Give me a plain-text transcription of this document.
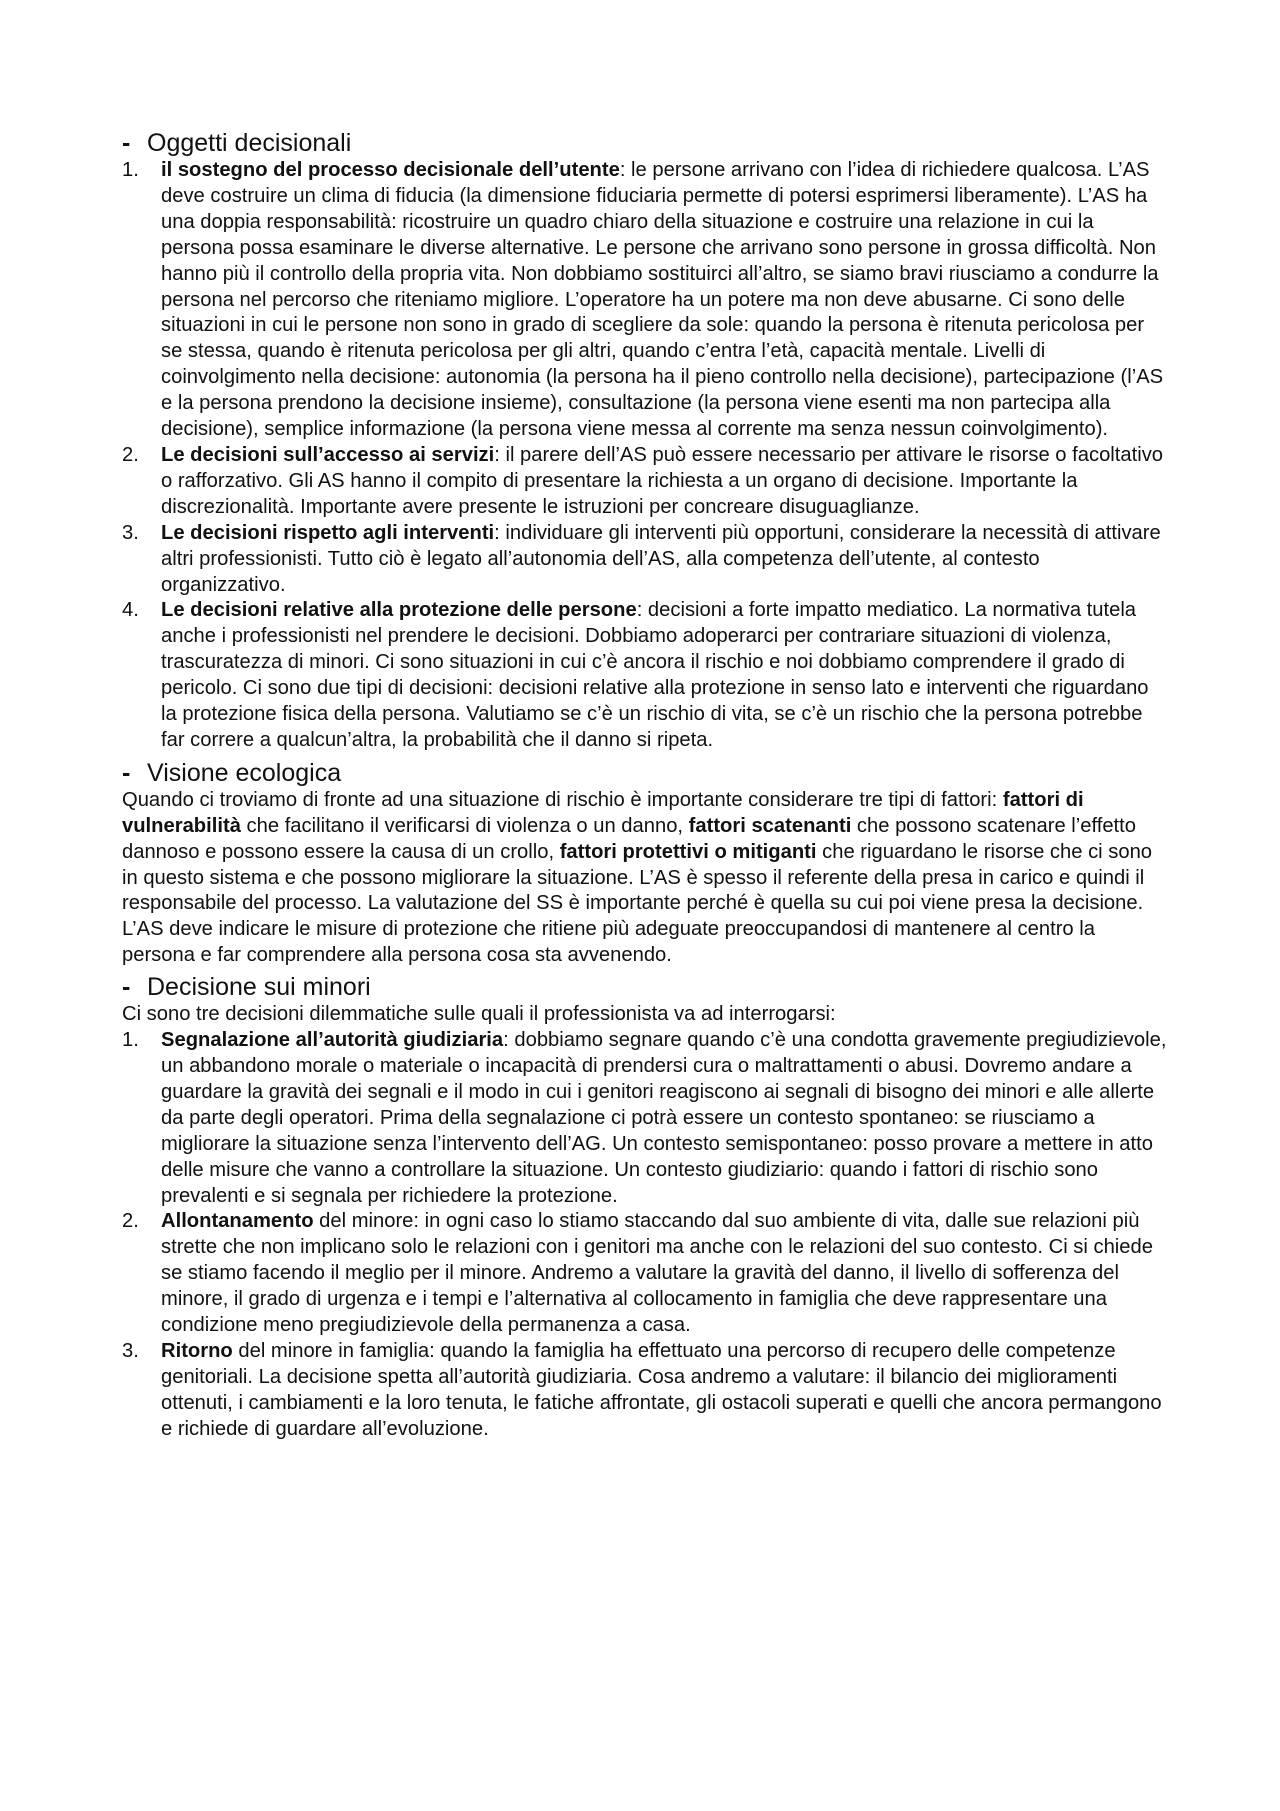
- Oggetti decisionali
1.	il sostegno del processo decisionale dell’utente: le persone arrivano con l’idea di richiedere qualcosa. L’AS deve costruire un clima di fiducia (la dimensione fiduciaria permette di potersi esprimersi liberamente). L’AS ha una doppia responsabilità: ricostruire un quadro chiaro della situazione e costruire una relazione in cui la persona possa esaminare le diverse alternative. Le persone che arrivano sono persone in grossa difficoltà. Non hanno più il controllo della propria vita. Non dobbiamo sostituirci all’altro, se siamo bravi riusciamo a condurre la persona nel percorso che riteniamo migliore. L’operatore ha un potere ma non deve abusarne. Ci sono delle situazioni in cui le persone non sono in grado di scegliere da sole: quando la persona è ritenuta pericolosa per se stessa, quando è ritenuta pericolosa per gli altri, quando c’entra l’età, capacità mentale. Livelli di coinvolgimento nella decisione: autonomia (la persona ha il pieno controllo nella decisione), partecipazione (l’AS e la persona prendono la decisione insieme), consultazione (la persona viene esenti ma non partecipa alla decisione), semplice informazione (la persona viene messa al corrente ma senza nessun coinvolgimento).

2.	Le decisioni sull’accesso ai servizi: il parere dell’AS può essere necessario per attivare le risorse o facoltativo o rafforzativo. Gli AS hanno il compito di presentare la richiesta a un organo di decisione. Importante la discrezionalità. Importante avere presente le istruzioni per concreare disuguaglianze.

3.	Le decisioni rispetto agli interventi: individuare gli interventi più opportuni, considerare la necessità di attivare altri professionisti. Tutto ciò è legato all’autonomia dell’AS, alla competenza dell’utente, al contesto organizzativo.

4.	Le decisioni relative alla protezione delle persone: decisioni a forte impatto mediatico. La normativa tutela anche i professionisti nel prendere le decisioni. Dobbiamo adoperarci per contrariare situazioni di violenza, trascuratezza di minori. Ci sono situazioni in cui c’è ancora il rischio e noi dobbiamo comprendere il grado di pericolo. Ci sono due tipi di decisioni: decisioni relative alla protezione in senso lato e interventi che riguardano la protezione fisica della persona. Valutiamo se c’è un rischio di vita, se c’è un rischio che la persona potrebbe far correre a qualcun’altra, la probabilità che il danno si ripeta.

- Visione ecologica

Quando ci troviamo di fronte ad una situazione di rischio è importante considerare tre tipi di fattori: fattori di vulnerabilità che facilitano il verificarsi di violenza o un danno, fattori scatenanti che possono scatenare l’effetto dannoso e possono essere la causa di un crollo, fattori protettivi o mitiganti che riguardano le risorse che ci sono in questo sistema e che possono migliorare la situazione. L’AS è spesso il referente della presa in carico e quindi il responsabile del processo. La valutazione del SS è importante perché è quella su cui poi viene presa la decisione. L’AS deve indicare le misure di protezione che ritiene più adeguate preoccupandosi di mantenere al centro la persona e far comprendere alla persona cosa sta avvenendo.

- Decisione sui minori

Ci sono tre decisioni dilemmatiche sulle quali il professionista va ad interrogarsi:

1.	Segnalazione all’autorità giudiziaria: dobbiamo segnare quando c’è una condotta gravemente pregiudizievole, un abbandono morale o materiale o incapacità di prendersi cura o maltrattamenti o abusi. Dovremo andare a guardare la gravità dei segnali e il modo in cui i genitori reagiscono ai segnali di bisogno dei minori e alle allerte da parte degli operatori. Prima della segnalazione ci potrà essere un contesto spontaneo: se riusciamo a migliorare la situazione senza l’intervento dell’AG. Un contesto semispontaneo: posso provare a mettere in atto delle misure che vanno a controllare la situazione. Un contesto giudiziario: quando i fattori di rischio sono prevalenti e si segnala per richiedere la protezione.

2.	Allontanamento del minore: in ogni caso lo stiamo staccando dal suo ambiente di vita, dalle sue relazioni più strette che non implicano solo le relazioni con i genitori ma anche con le relazioni del suo contesto. Ci si chiede se stiamo facendo il meglio per il minore. Andremo a valutare la gravità del danno, il livello di sofferenza del minore, il grado di urgenza e i tempi e l’alternativa al collocamento in famiglia che deve rappresentare una condizione meno pregiudizievole della permanenza a casa.

3.	Ritorno del minore in famiglia: quando la famiglia ha effettuato una percorso di recupero delle competenze genitoriali. La decisione spetta all’autorità giudiziaria. Cosa andremo a valutare: il bilancio dei miglioramenti ottenuti, i cambiamenti e la loro tenuta, le fatiche affrontate, gli ostacoli superati e quelli che ancora permangono e richiede di guardare all’evoluzione.
